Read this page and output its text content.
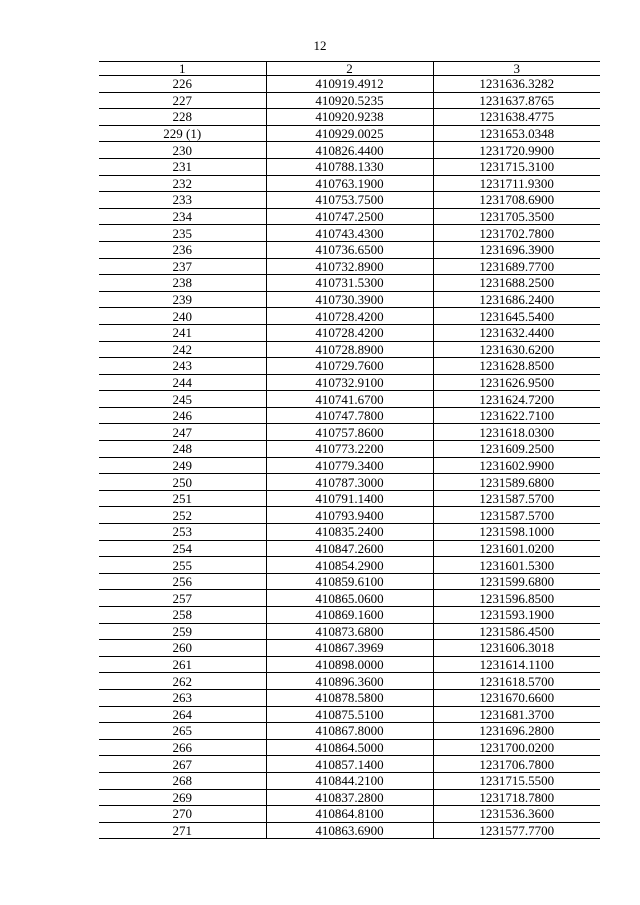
12
1	2	3
226	410919.4912	1231636.3282
227	410920.5235	1231637.8765
228	410920.9238	1231638.4775
229 (1)	410929.0025	1231653.0348
230	410826.4400	1231720.9900
231	410788.1330	1231715.3100
232	410763.1900	1231711.9300
233	410753.7500	1231708.6900
234	410747.2500	1231705.3500
235	410743.4300	1231702.7800
236	410736.6500	1231696.3900
237	410732.8900	1231689.7700
238	410731.5300	1231688.2500
239	410730.3900	1231686.2400
240	410728.4200	1231645.5400
241	410728.4200	1231632.4400
242	410728.8900	1231630.6200
243	410729.7600	1231628.8500
244	410732.9100	1231626.9500
245	410741.6700	1231624.7200
246	410747.7800	1231622.7100
247	410757.8600	1231618.0300
248	410773.2200	1231609.2500
249	410779.3400	1231602.9900
250	410787.3000	1231589.6800
251	410791.1400	1231587.5700
252	410793.9400	1231587.5700
253	410835.2400	1231598.1000
254	410847.2600	1231601.0200
255	410854.2900	1231601.5300
256	410859.6100	1231599.6800
257	410865.0600	1231596.8500
258	410869.1600	1231593.1900
259	410873.6800	1231586.4500
260	410867.3969	1231606.3018
261	410898.0000	1231614.1100
262	410896.3600	1231618.5700
263	410878.5800	1231670.6600
264	410875.5100	1231681.3700
265	410867.8000	1231696.2800
266	410864.5000	1231700.0200
267	410857.1400	1231706.7800
268	410844.2100	1231715.5500
269	410837.2800	1231718.7800
270	410864.8100	1231536.3600
271	410863.6900	1231577.7700
